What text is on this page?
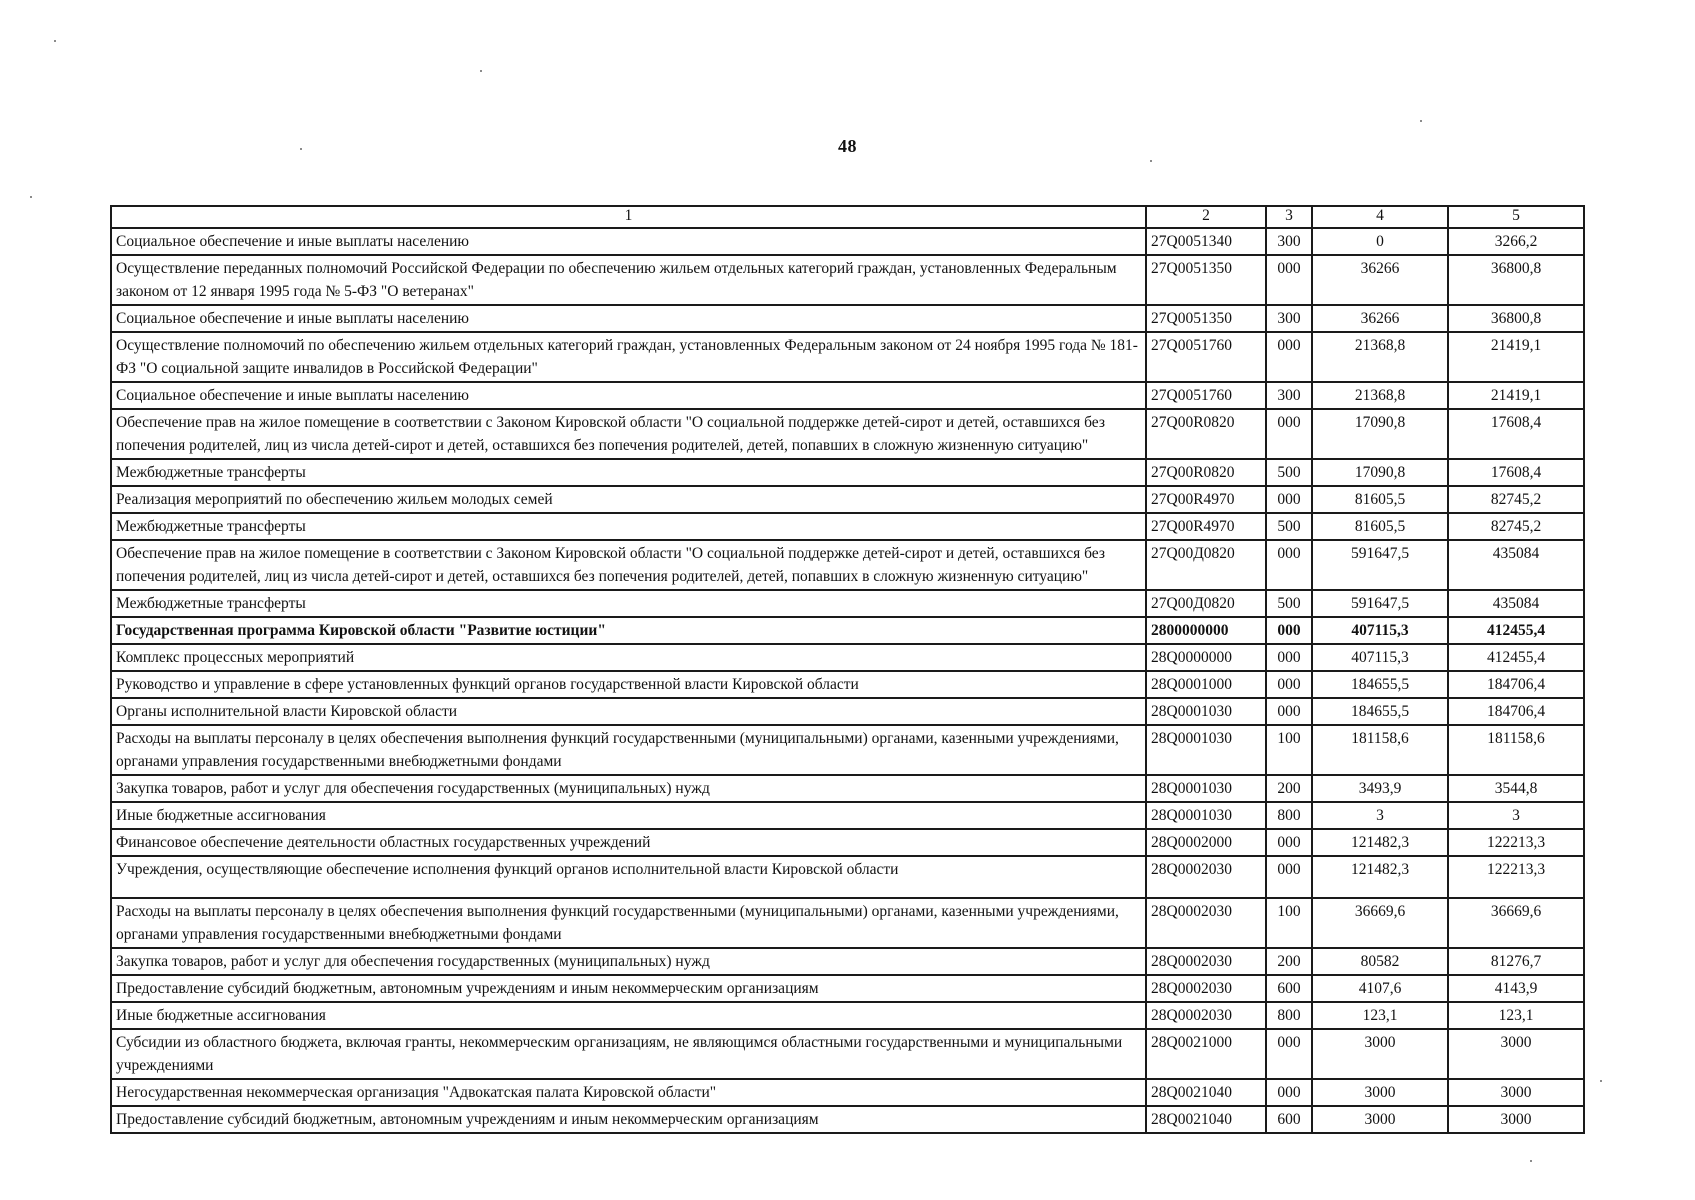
48
1	2	3	4	5
Социальное обеспечение и иные выплаты населению	27Q0051340	300	0	3266,2
Осуществление переданных полномочий Российской Федерации по обеспечению жильем отдельных категорий граждан, установленных Федеральным законом от 12 января 1995 года № 5-ФЗ "О ветеранах"	27Q0051350	000	36266	36800,8
Социальное обеспечение и иные выплаты населению	27Q0051350	300	36266	36800,8
Осуществление полномочий по обеспечению жильем отдельных категорий граждан, установленных Федеральным законом от 24 ноября 1995 года № 181-ФЗ "О социальной защите инвалидов в Российской Федерации"	27Q0051760	000	21368,8	21419,1
Социальное обеспечение и иные выплаты населению	27Q0051760	300	21368,8	21419,1
Обеспечение прав на жилое помещение в соответствии с Законом Кировской области "О социальной поддержке детей-сирот и детей, оставшихся без попечения родителей, лиц из числа детей-сирот и детей, оставшихся без попечения родителей, детей, попавших в сложную жизненную ситуацию"	27Q00R0820	000	17090,8	17608,4
Межбюджетные трансферты	27Q00R0820	500	17090,8	17608,4
Реализация мероприятий по обеспечению жильем молодых семей	27Q00R4970	000	81605,5	82745,2
Межбюджетные трансферты	27Q00R4970	500	81605,5	82745,2
Обеспечение прав на жилое помещение в соответствии с Законом Кировской области "О социальной поддержке детей-сирот и детей, оставшихся без попечения родителей, лиц из числа детей-сирот и детей, оставшихся без попечения родителей, детей, попавших в сложную жизненную ситуацию"	27Q00Д0820	000	591647,5	435084
Межбюджетные трансферты	27Q00Д0820	500	591647,5	435084
Государственная программа Кировской области "Развитие юстиции"	2800000000	000	407115,3	412455,4
Комплекс процессных мероприятий	28Q0000000	000	407115,3	412455,4
Руководство и управление в сфере установленных функций органов государственной власти Кировской области	28Q0001000	000	184655,5	184706,4
Органы исполнительной власти Кировской области	28Q0001030	000	184655,5	184706,4
Расходы на выплаты персоналу в целях обеспечения выполнения функций государственными (муниципальными) органами, казенными учреждениями, органами управления государственными внебюджетными фондами	28Q0001030	100	181158,6	181158,6
Закупка товаров, работ и услуг для обеспечения государственных (муниципальных) нужд	28Q0001030	200	3493,9	3544,8
Иные бюджетные ассигнования	28Q0001030	800	3	3
Финансовое обеспечение деятельности областных государственных учреждений	28Q0002000	000	121482,3	122213,3
Учреждения, осуществляющие обеспечение исполнения функций органов исполнительной власти Кировской области	28Q0002030	000	121482,3	122213,3
Расходы на выплаты персоналу в целях обеспечения выполнения функций государственными (муниципальными) органами, казенными учреждениями, органами управления государственными внебюджетными фондами	28Q0002030	100	36669,6	36669,6
Закупка товаров, работ и услуг для обеспечения государственных (муниципальных) нужд	28Q0002030	200	80582	81276,7
Предоставление субсидий бюджетным, автономным учреждениям и иным некоммерческим организациям	28Q0002030	600	4107,6	4143,9
Иные бюджетные ассигнования	28Q0002030	800	123,1	123,1
Субсидии из областного бюджета, включая гранты, некоммерческим организациям, не являющимся областными государственными и муниципальными учреждениями	28Q0021000	000	3000	3000
Негосударственная некоммерческая организация "Адвокатская палата Кировской области"	28Q0021040	000	3000	3000
Предоставление субсидий бюджетным, автономным учреждениям и иным некоммерческим организациям	28Q0021040	600	3000	3000
